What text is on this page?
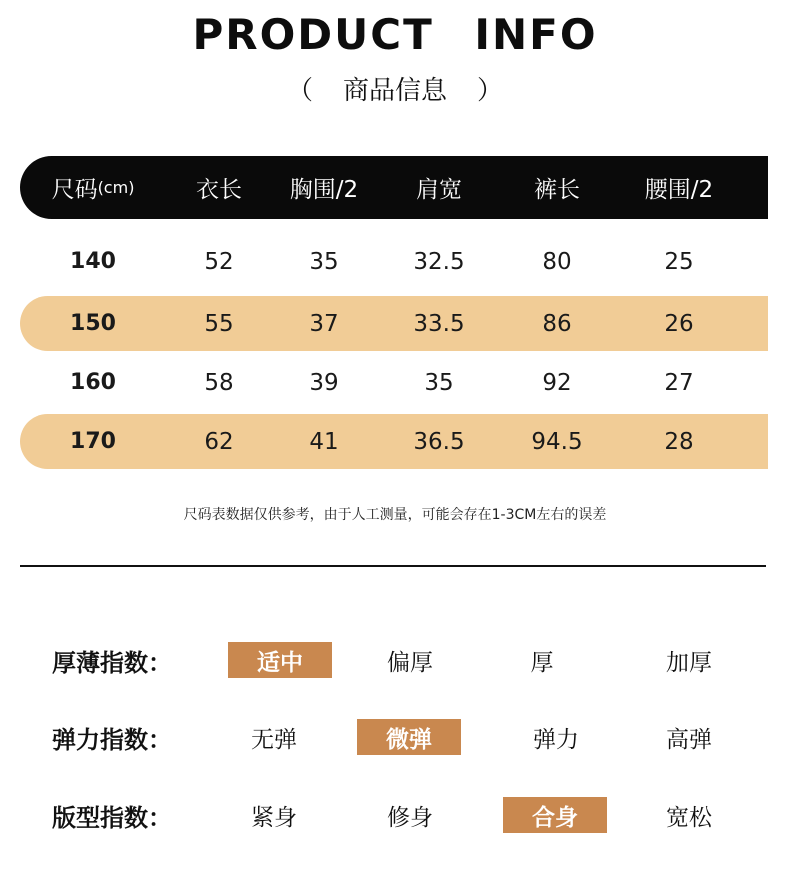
PRODUCT INFO
（ 商品信息 ）
尺码 (cm)	衣长	胸围/2	肩宽	裤长	腰围/2
140	52	35	32.5	80	25
150	55	37	33.5	86	26
160	58	39	35	92	27
170	62	41	36.5	94.5	28
尺码表数据仅供参考，由于人工测量，可能会存在1-3CM左右的误差
厚薄指数：	适中	偏厚	厚	加厚
弹力指数：	无弹	微弹	弹力	高弹
版型指数：	紧身	修身	合身	宽松
